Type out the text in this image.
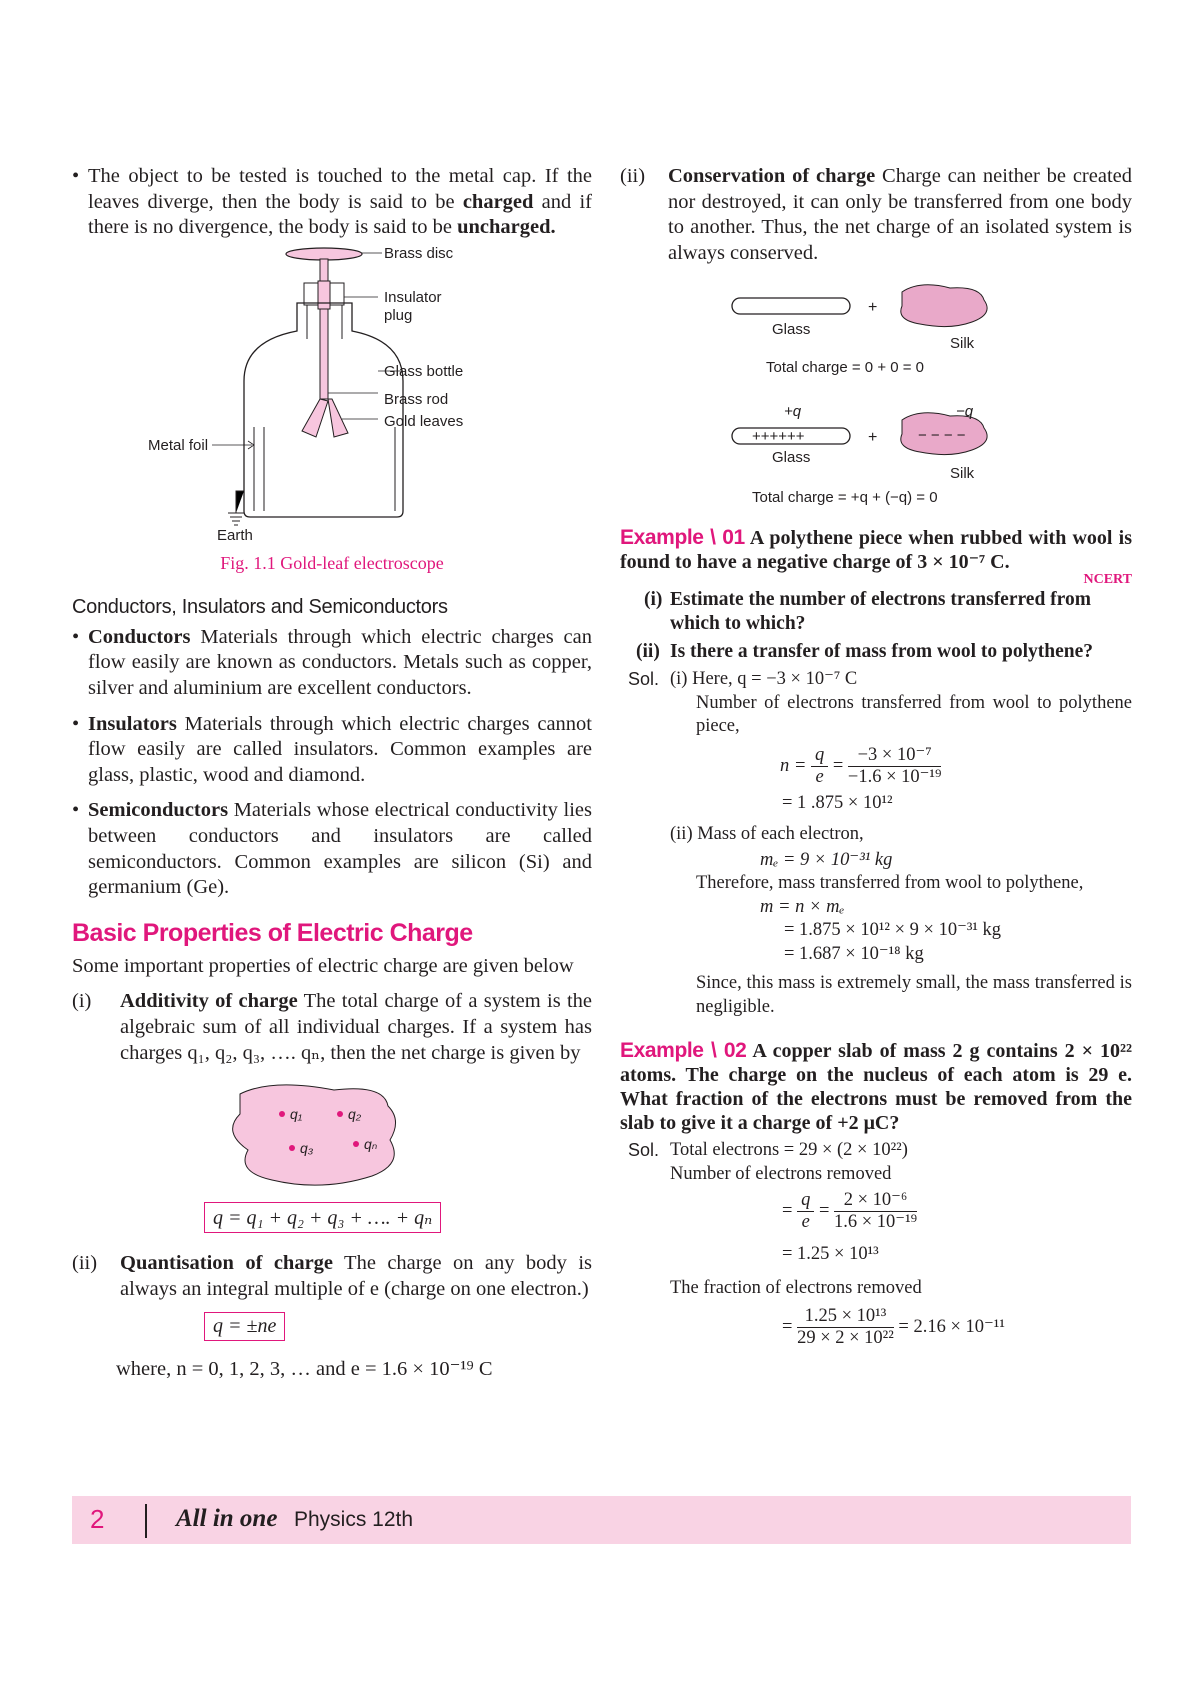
• The object to be tested is touched to the metal cap. If the leaves diverge, then the body is said to be charged and if there is no divergence, the body is said to be uncharged.

Brass disc
Insulator
plug
Glass bottle
Brass rod
Gold leaves
Metal foil
Earth

Fig. 1.1 Gold-leaf electroscope

Conductors, Insulators and Semiconductors

• Conductors Materials through which electric charges can flow easily are known as conductors. Metals such as copper, silver and aluminium are excellent conductors.

• Insulators Materials through which electric charges cannot flow easily are called insulators. Common examples are glass, plastic, wood and diamond.

• Semiconductors Materials whose electrical conductivity lies between conductors and insulators are called semiconductors. Common examples are silicon (Si) and germanium (Ge).

Basic Properties of Electric Charge

Some important properties of electric charge are given below

(i)	Additivity of charge The total charge of a system is the algebraic sum of all individual charges. If a system has charges q₁, q₂, q₃, …. qₙ, then the net charge is given by

q₁	q₂
q₃	qₙ
q = q₁ + q₂ + q₃ + …. + qₙ

(ii)	Quantisation of charge The charge on any body is always an integral multiple of e (charge on one electron.)

q = ±ne

where, n = 0, 1, 2, 3, … and e = 1.6 × 10⁻¹⁹ C

(ii)	Conservation of charge Charge can neither be created nor destroyed, it can only be transferred from one body to another. Thus, the net charge of an isolated system is always conserved.

+
Glass
Silk
Total charge = 0 + 0 = 0
+q	−q
++++++	− − − −
+
Glass
Silk
Total charge = +q + (−q) = 0

Example \ 01 A polythene piece when rubbed with wool is found to have a negative charge of 3 × 10⁻⁷ C.

NCERT

(i) Estimate the number of electrons transferred from which to which?

(ii) Is there a transfer of mass from wool to polythene?

Sol. (i) Here, q = −3 × 10⁻⁷ C

Number of electrons transferred from wool to polythene piece,

$n = \frac{q}{e} = \frac{\text{−3 × 10⁻⁷}}{\text{−1.6 × 10⁻¹⁹}}$

= 1 .875 × 10¹²

(ii) Mass of each electron,

mₑ = 9 × 10⁻³¹ kg

Therefore, mass transferred from wool to polythene,

m = n × mₑ

= 1.875 × 10¹² × 9 × 10⁻³¹ kg

= 1.687 × 10⁻¹⁸ kg

Since, this mass is extremely small, the mass transferred is negligible.

Example \ 02 A copper slab of mass 2 g contains 2 × 10²² atoms. The charge on the nucleus of each atom is 29 e. What fraction of the electrons must be removed from the slab to give it a charge of +2 μC?

Sol. Total electrons = 29 × (2 × 10²²)

Number of electrons removed

= $\frac{q}{e} = \frac{\text{2 × 10⁻⁶}}{\text{1.6 × 10⁻¹⁹}}$

= 1.25 × 10¹³

The fraction of electrons removed

= $\frac{\text{1.25 × 10¹³}}{\text{29 × 2 × 10²²}} = 2.16 \times 10^{-11}$
2	All in one Physics 12th
